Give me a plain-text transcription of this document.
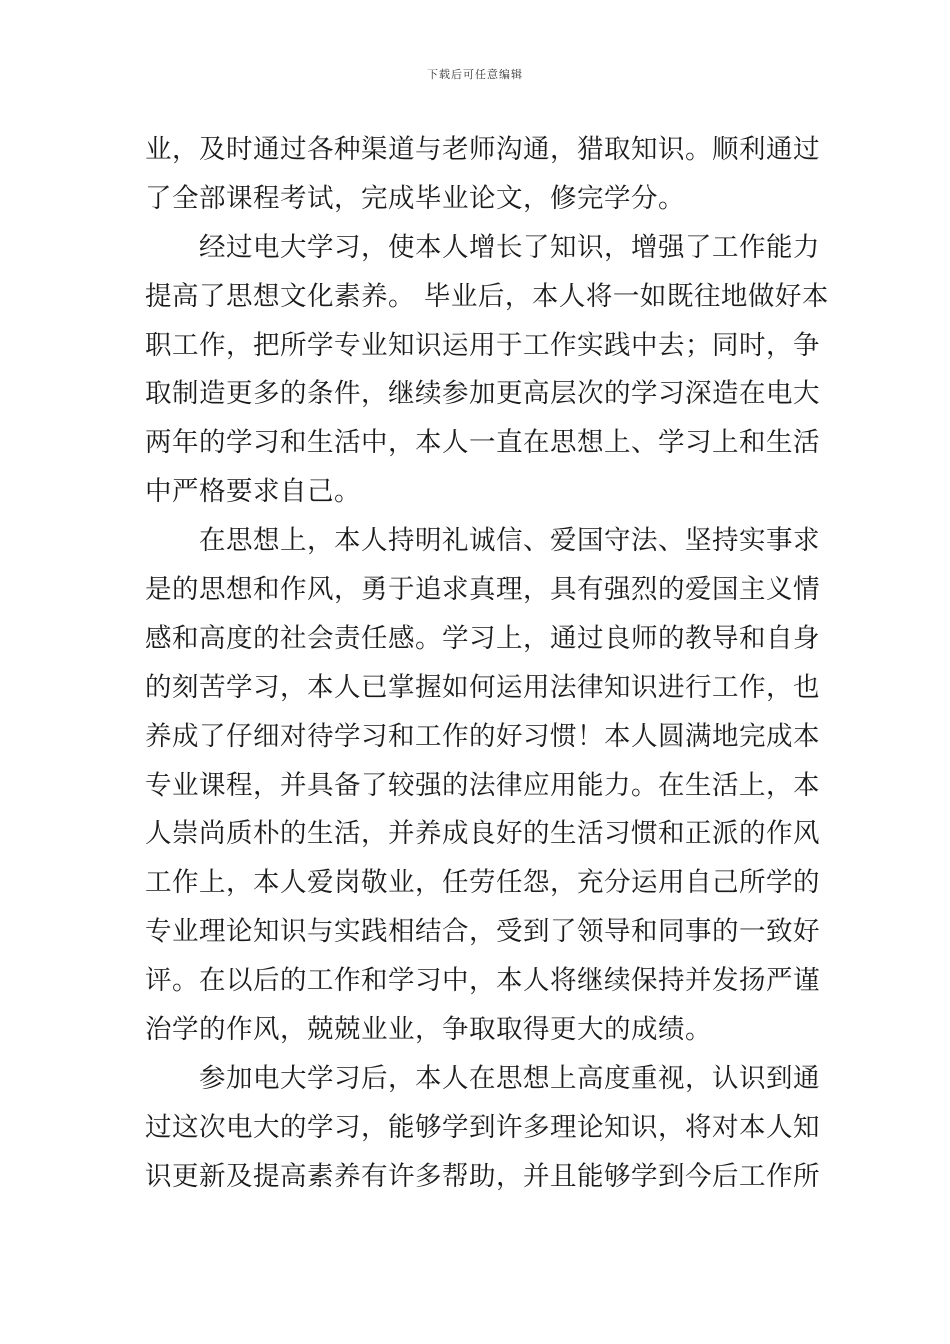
下载后可任意编辑
业，及时通过各种渠道与老师沟通，猎取知识。顺利通过
了全部课程考试，完成毕业论文，修完学分。
经过电大学习，使本人增长了知识，增强了工作能力
提高了思想文化素养。 毕业后，本人将一如既往地做好本
职工作，把所学专业知识运用于工作实践中去；同时，争
取制造更多的条件，继续参加更高层次的学习深造在电大
两年的学习和生活中，本人一直在思想上、学习上和生活
中严格要求自己。
在思想上，本人持明礼诚信、爱国守法、坚持实事求
是的思想和作风，勇于追求真理，具有强烈的爱国主义情
感和高度的社会责任感。学习上，通过良师的教导和自身
的刻苦学习，本人已掌握如何运用法律知识进行工作，也
养成了仔细对待学习和工作的好习惯！本人圆满地完成本
专业课程，并具备了较强的法律应用能力。在生活上，本
人崇尚质朴的生活，并养成良好的生活习惯和正派的作风
工作上，本人爱岗敬业，任劳任怨，充分运用自己所学的
专业理论知识与实践相结合，受到了领导和同事的一致好
评。在以后的工作和学习中，本人将继续保持并发扬严谨
治学的作风，兢兢业业，争取取得更大的成绩。
参加电大学习后，本人在思想上高度重视，认识到通
过这次电大的学习，能够学到许多理论知识，将对本人知
识更新及提高素养有许多帮助，并且能够学到今后工作所
